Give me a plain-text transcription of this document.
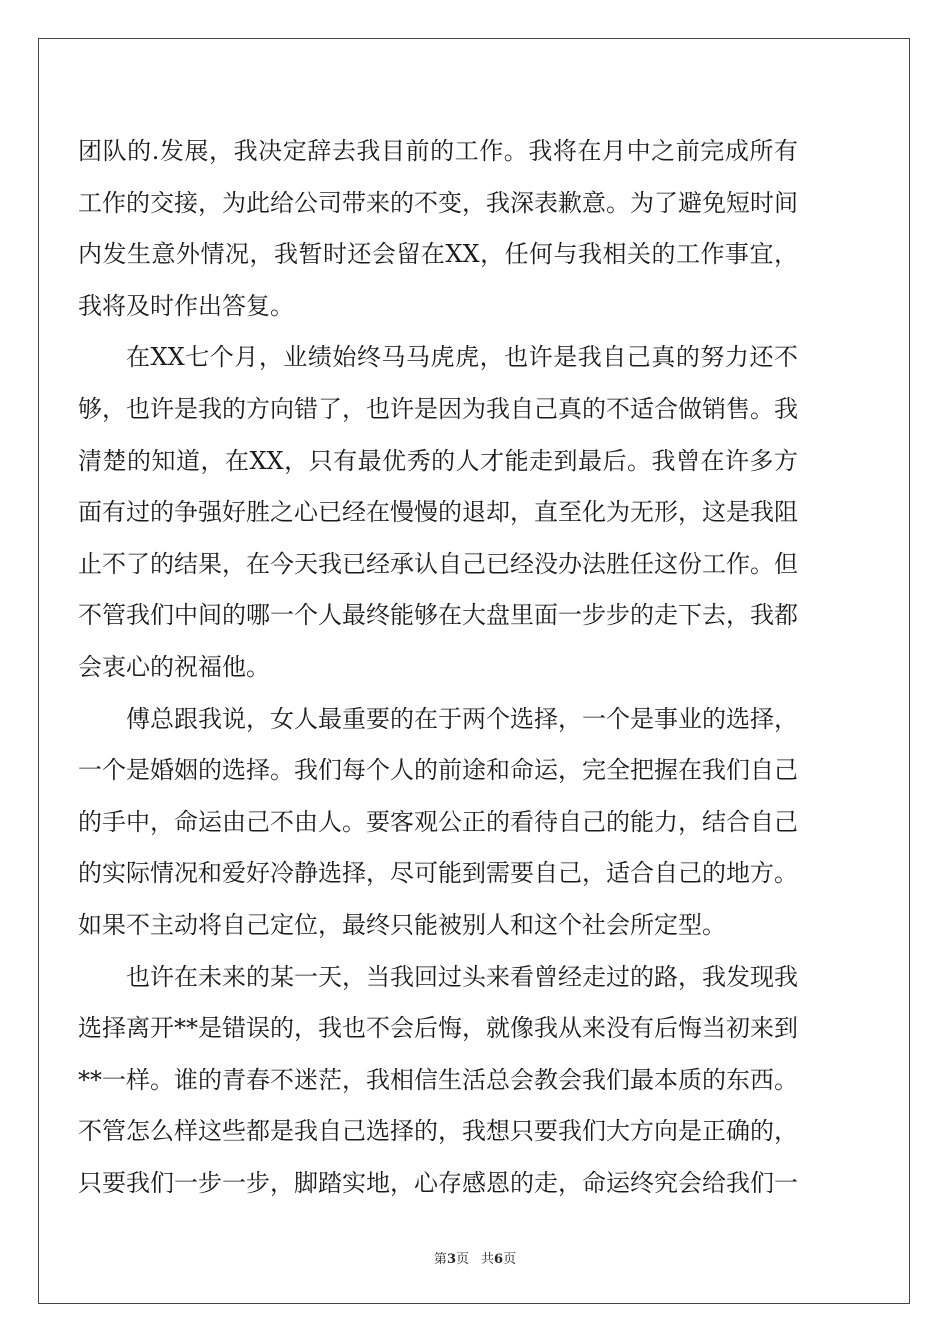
团队的.发展，我决定辞去我目前的工作。我将在月中之前完成所有
工作的交接，为此给公司带来的不变，我深表歉意。为了避免短时间
内发生意外情况，我暂时还会留在XX，任何与我相关的工作事宜，
我将及时作出答复。
在XX七个月，业绩始终马马虎虎，也许是我自己真的努力还不
够，也许是我的方向错了，也许是因为我自己真的不适合做销售。我
清楚的知道，在XX，只有最优秀的人才能走到最后。我曾在许多方
面有过的争强好胜之心已经在慢慢的退却，直至化为无形，这是我阻
止不了的结果，在今天我已经承认自己已经没办法胜任这份工作。但
不管我们中间的哪一个人最终能够在大盘里面一步步的走下去，我都
会衷心的祝福他。
傅总跟我说，女人最重要的在于两个选择，一个是事业的选择，
一个是婚姻的选择。我们每个人的前途和命运，完全把握在我们自己
的手中，命运由己不由人。要客观公正的看待自己的能力，结合自己
的实际情况和爱好冷静选择，尽可能到需要自己，适合自己的地方。
如果不主动将自己定位，最终只能被别人和这个社会所定型。
也许在未来的某一天，当我回过头来看曾经走过的路，我发现我
选择离开**是错误的，我也不会后悔，就像我从来没有后悔当初来到
**一样。谁的青春不迷茫，我相信生活总会教会我们最本质的东西。
不管怎么样这些都是我自己选择的，我想只要我们大方向是正确的，
只要我们一步一步，脚踏实地，心存感恩的走，命运终究会给我们一
第3页 共6页
